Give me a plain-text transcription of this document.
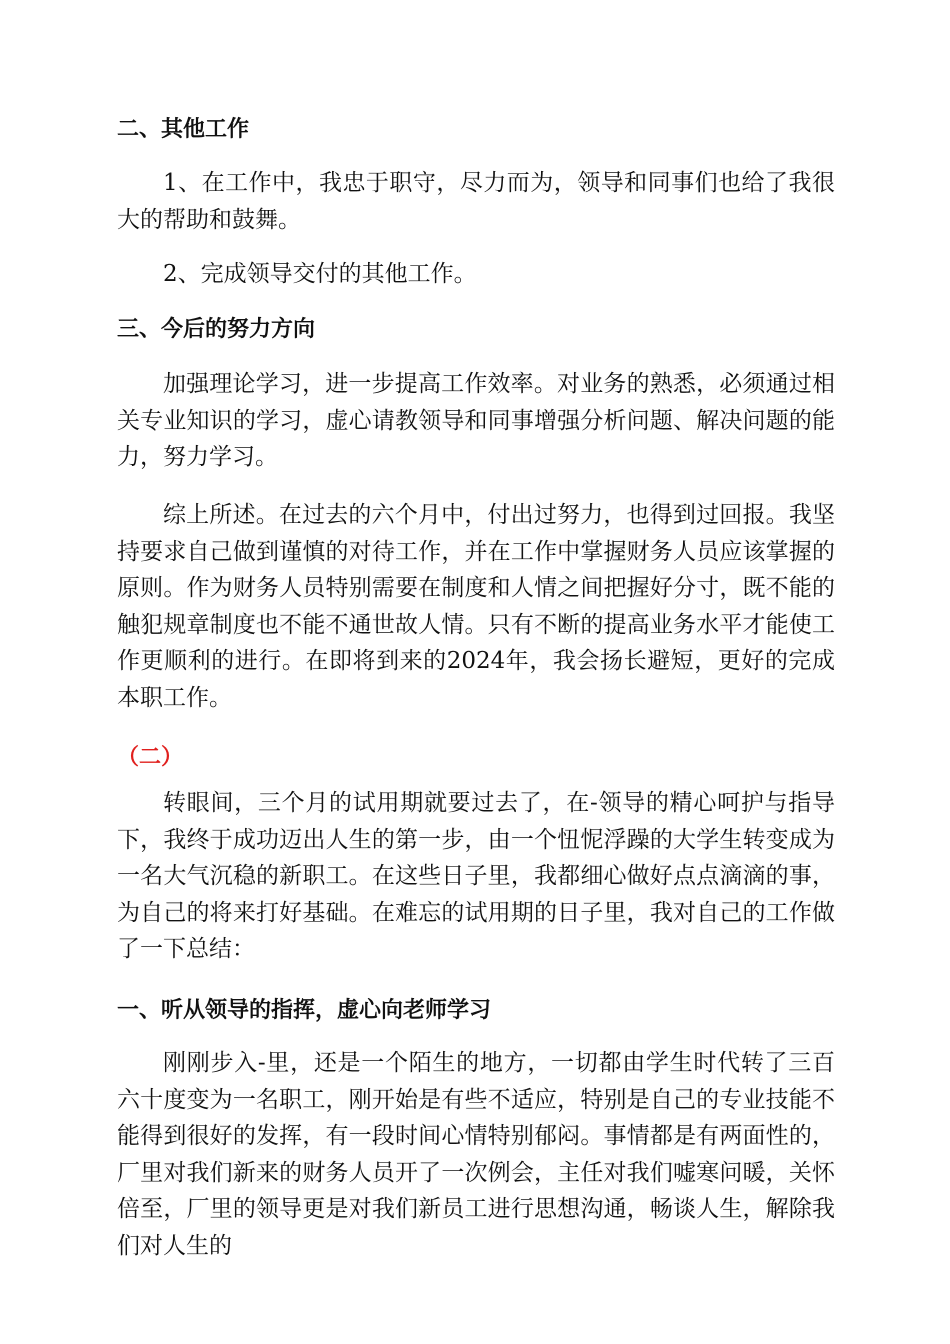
二、其他工作

1、在工作中，我忠于职守，尽力而为，领导和同事们也给了我很大的帮助和鼓舞。

2、完成领导交付的其他工作。

三、今后的努力方向

加强理论学习，进一步提高工作效率。对业务的熟悉，必须通过相关专业知识的学习，虚心请教领导和同事增强分析问题、解决问题的能力，努力学习。

综上所述。在过去的六个月中，付出过努力，也得到过回报。我坚持要求自己做到谨慎的对待工作，并在工作中掌握财务人员应该掌握的原则。作为财务人员特别需要在制度和人情之间把握好分寸，既不能的触犯规章制度也不能不通世故人情。只有不断的提高业务水平才能使工作更顺利的进行。在即将到来的2024年，我会扬长避短，更好的完成本职工作。

（二）

转眼间，三个月的试用期就要过去了，在-领导的精心呵护与指导下，我终于成功迈出人生的第一步，由一个忸怩浮躁的大学生转变成为一名大气沉稳的新职工。在这些日子里，我都细心做好点点滴滴的事，为自己的将来打好基础。在难忘的试用期的日子里，我对自己的工作做了一下总结：

一、听从领导的指挥，虚心向老师学习

刚刚步入-里，还是一个陌生的地方，一切都由学生时代转了三百六十度变为一名职工，刚开始是有些不适应，特别是自己的专业技能不能得到很好的发挥，有一段时间心情特别郁闷。事情都是有两面性的，厂里对我们新来的财务人员开了一次例会，主任对我们嘘寒问暖，关怀倍至，厂里的领导更是对我们新员工进行思想沟通，畅谈人生，解除我们对人生的
